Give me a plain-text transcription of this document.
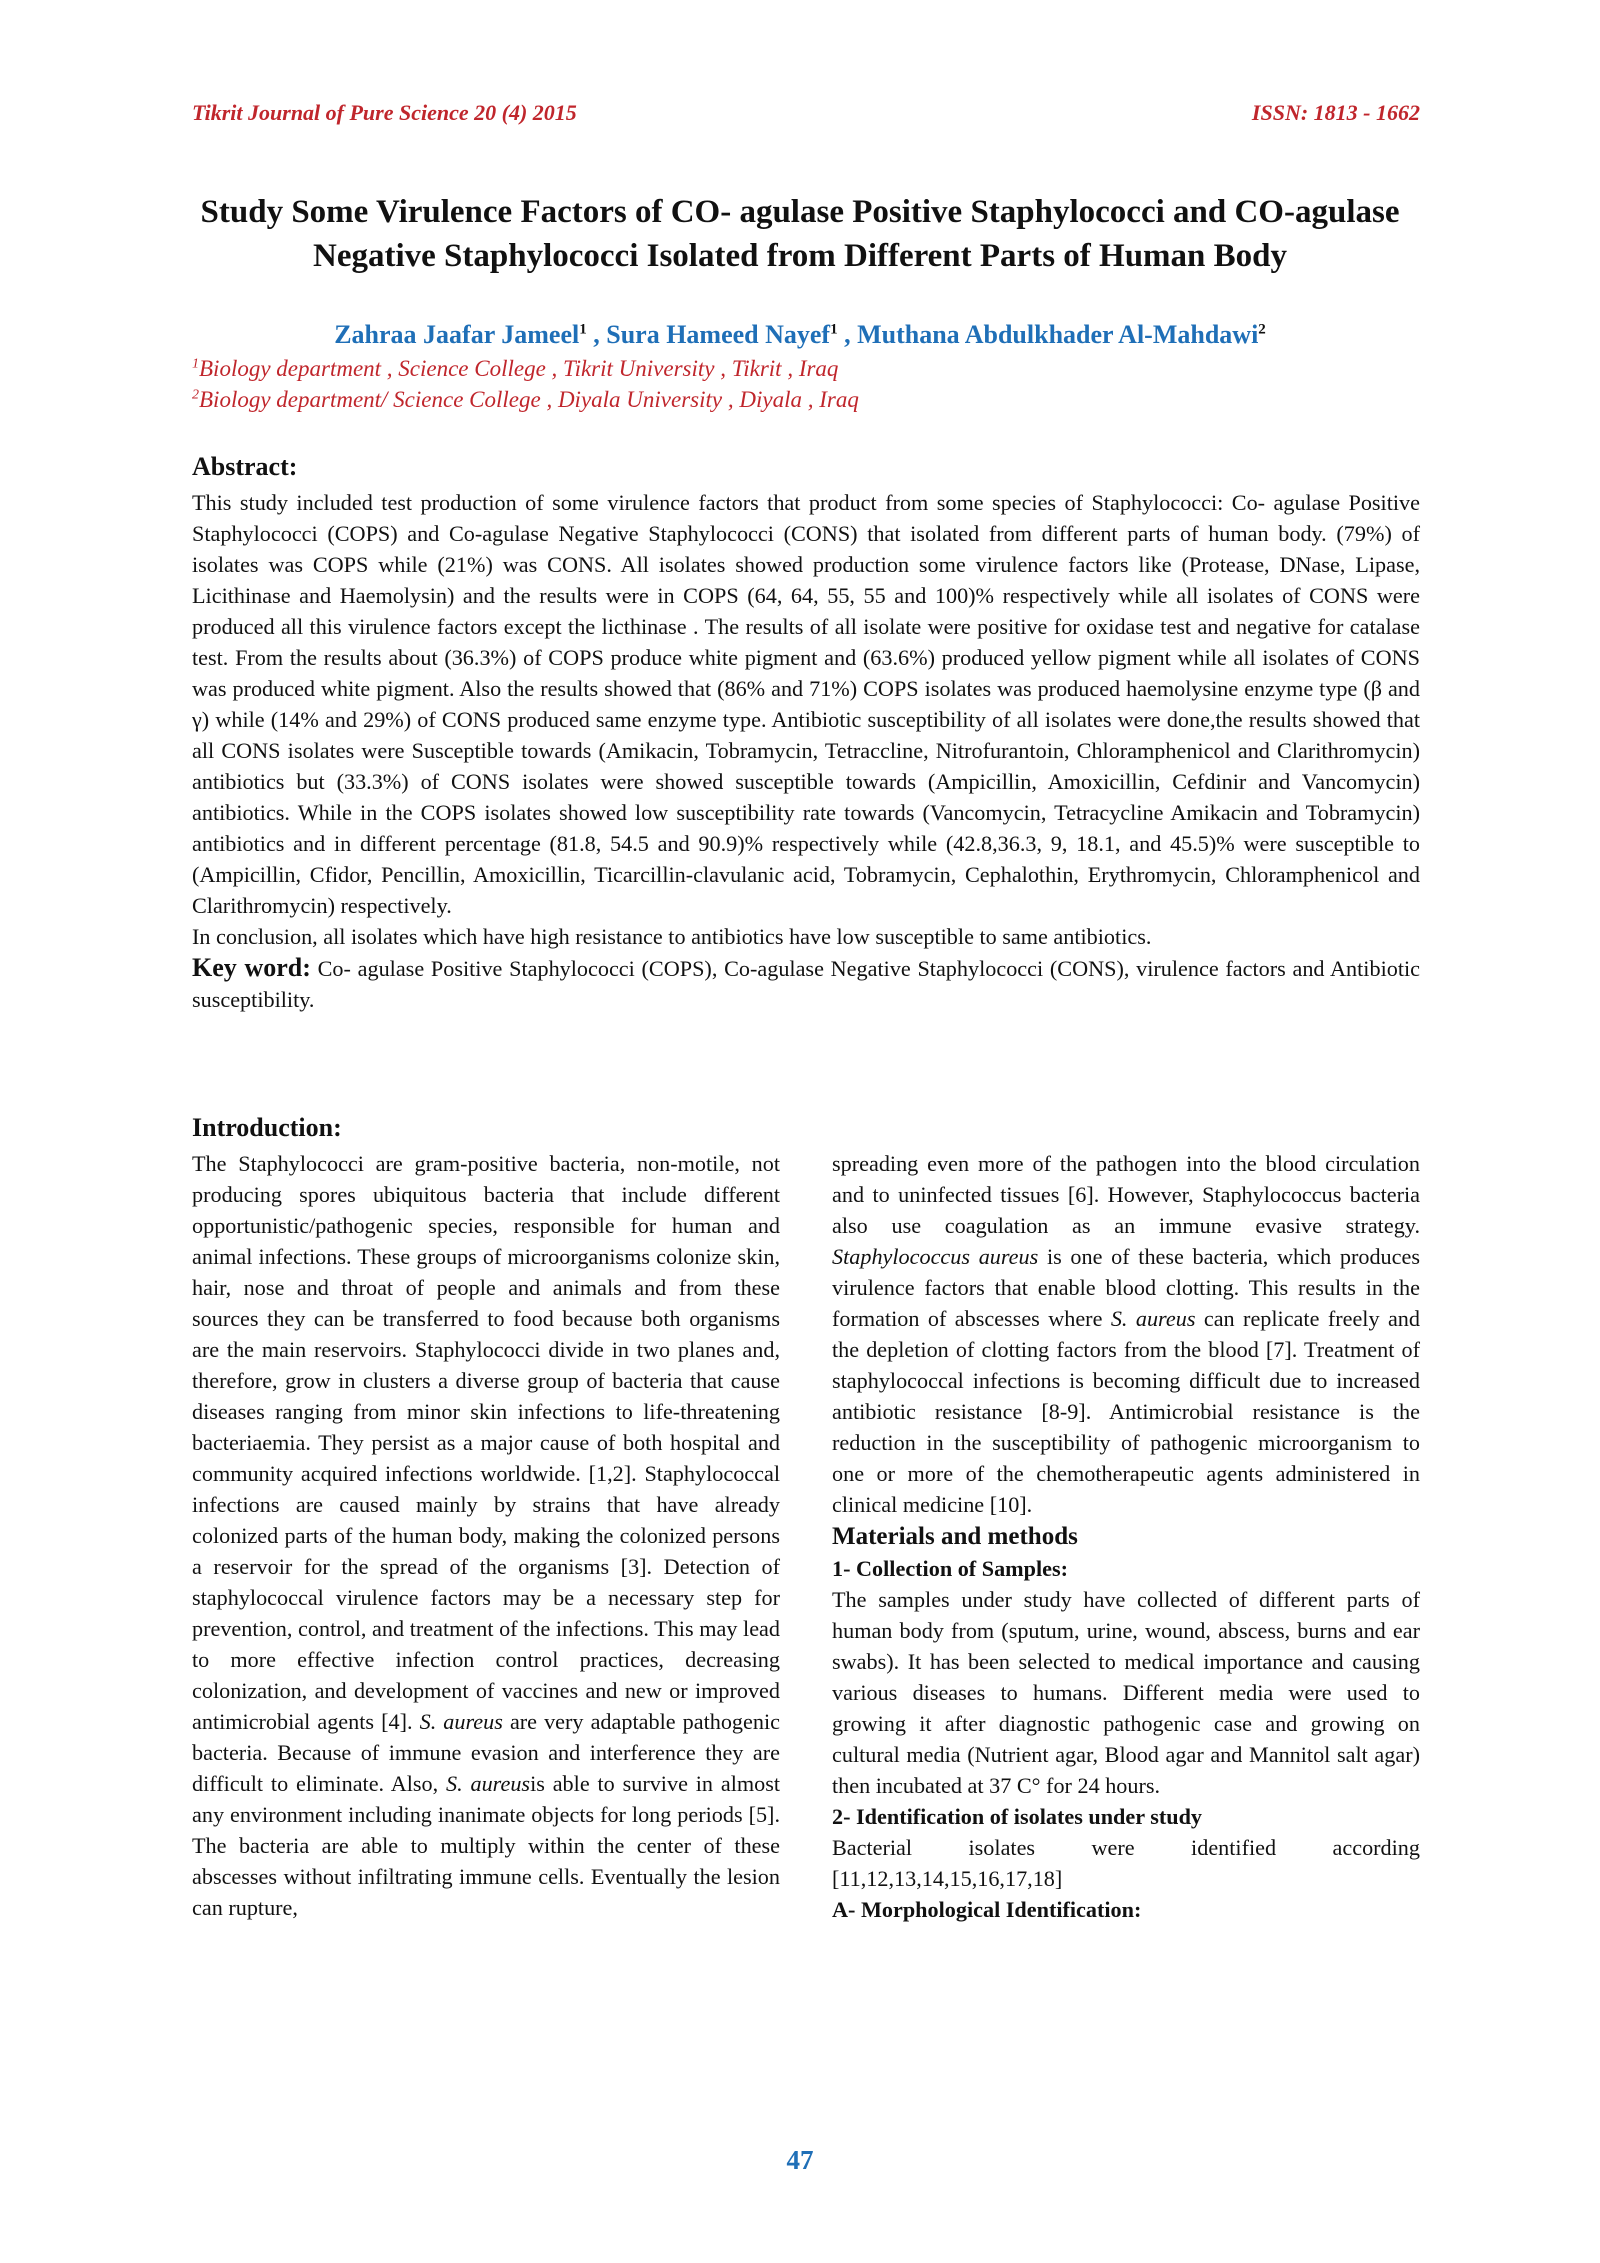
Tikrit Journal of Pure Science 20 (4) 2015	ISSN: 1813 - 1662
Study Some Virulence Factors of CO- agulase Positive Staphylococci and CO-agulase Negative Staphylococci Isolated from Different Parts of Human Body
Zahraa Jaafar Jameel$^1$ , Sura Hameed Nayef$^1$ , Muthana Abdulkhader Al-Mahdawi$^2$
$^1$Biology department , Science College , Tikrit University , Tikrit , Iraq
$^2$Biology department/ Science College , Diyala University , Diyala , Iraq
Abstract:

This study included test production of some virulence factors that product from some species of Staphylococci: Co- agulase Positive Staphylococci (COPS) and Co-agulase Negative Staphylococci (CONS) that isolated from different parts of human body. (79%) of isolates was COPS while (21%) was CONS. All isolates showed production some virulence factors like (Protease, DNase, Lipase, Licithinase and Haemolysin) and the results were in COPS (64, 64, 55, 55 and 100)% respectively while all isolates of CONS were produced all this virulence factors except the licthinase . The results of all isolate were positive for oxidase test and negative for catalase test. From the results about (36.3%) of COPS produce white pigment and (63.6%) produced yellow pigment while all isolates of CONS was produced white pigment. Also the results showed that (86% and 71%) COPS isolates was produced haemolysine enzyme type (β and γ) while (14% and 29%) of CONS produced same enzyme type. Antibiotic susceptibility of all isolates were done,the results showed that all CONS isolates were Susceptible towards (Amikacin, Tobramycin, Tetraccline, Nitrofurantoin, Chloramphenicol and Clarithromycin) antibiotics but (33.3%) of CONS isolates were showed susceptible towards (Ampicillin, Amoxicillin, Cefdinir and Vancomycin) antibiotics. While in the COPS isolates showed low susceptibility rate towards (Vancomycin, Tetracycline Amikacin and Tobramycin) antibiotics and in different percentage (81.8, 54.5 and 90.9)% respectively while (42.8,36.3, 9, 18.1, and 45.5)% were susceptible to (Ampicillin, Cfidor, Pencillin, Amoxicillin, Ticarcillin-clavulanic acid, Tobramycin, Cephalothin, Erythromycin, Chloramphenicol and Clarithromycin) respectively.

In conclusion, all isolates which have high resistance to antibiotics have low susceptible to same antibiotics.

Key word: Co- agulase Positive Staphylococci (COPS), Co-agulase Negative Staphylococci (CONS), virulence factors and Antibiotic susceptibility.

Introduction:

The Staphylococci are gram-positive bacteria, non-motile, not producing spores ubiquitous bacteria that include different opportunistic/pathogenic species, responsible for human and animal infections. These groups of microorganisms colonize skin, hair, nose and throat of people and animals and from these sources they can be transferred to food because both organisms are the main reservoirs. Staphylococci divide in two planes and, therefore, grow in clusters a diverse group of bacteria that cause diseases ranging from minor skin infections to life-threatening bacteriaemia. They persist as a major cause of both hospital and community acquired infections worldwide. [1,2]. Staphylococcal infections are caused mainly by strains that have already colonized parts of the human body, making the colonized persons a reservoir for the spread of the organisms [3]. Detection of staphylococcal virulence factors may be a necessary step for prevention, control, and treatment of the infections. This may lead to more effective infection control practices, decreasing colonization, and development of vaccines and new or improved antimicrobial agents [4]. S. aureus are very adaptable pathogenic bacteria. Because of immune evasion and interference they are difficult to eliminate. Also, S. aureusis able to survive in almost any environment including inanimate objects for long periods [5]. The bacteria are able to multiply within the center of these abscesses without infiltrating immune cells. Eventually the lesion can rupture,

spreading even more of the pathogen into the blood circulation and to uninfected tissues [6]. However, Staphylococcus bacteria also use coagulation as an immune evasive strategy. Staphylococcus aureus is one of these bacteria, which produces virulence factors that enable blood clotting. This results in the formation of abscesses where S. aureus can replicate freely and the depletion of clotting factors from the blood [7]. Treatment of staphylococcal infections is becoming difficult due to increased antibiotic resistance [8-9]. Antimicrobial resistance is the reduction in the susceptibility of pathogenic microorganism to one or more of the chemotherapeutic agents administered in clinical medicine [10].

Materials and methods

1- Collection of Samples:

The samples under study have collected of different parts of human body from (sputum, urine, wound, abscess, burns and ear swabs). It has been selected to medical importance and causing various diseases to humans. Different media were used to growing it after diagnostic pathogenic case and growing on cultural media (Nutrient agar, Blood agar and Mannitol salt agar) then incubated at 37 C° for 24 hours.

2- Identification of isolates under study

Bacterial isolates were identified according [11,12,13,14,15,16,17,18]

A- Morphological Identification:

47
